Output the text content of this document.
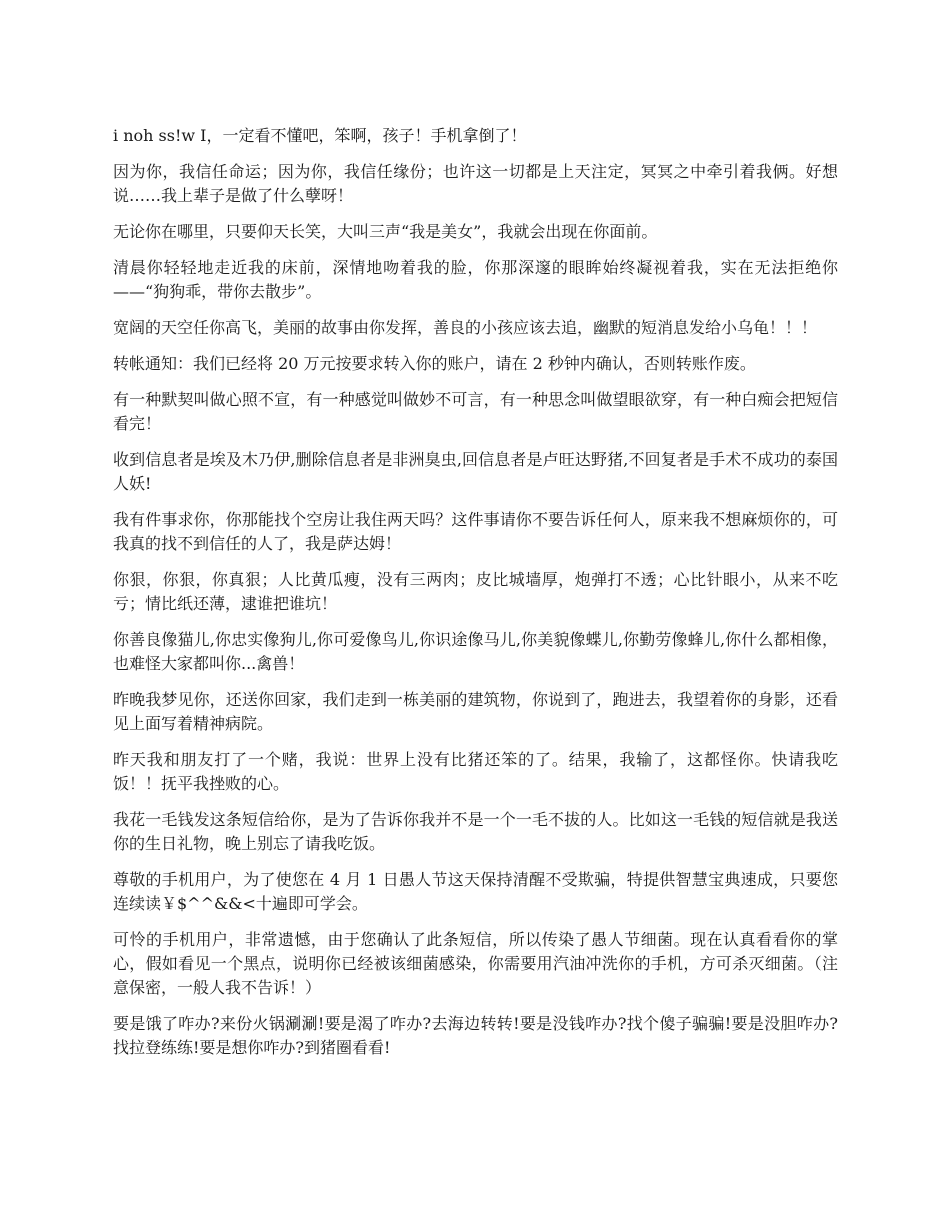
i noh ss!w I，一定看不懂吧，笨啊，孩子！手机拿倒了！

因为你，我信任命运；因为你，我信任缘份；也许这一切都是上天注定，冥冥之中牵引着我俩。好想说……我上辈子是做了什么孽呀！

无论你在哪里，只要仰天长笑，大叫三声“我是美女”，我就会出现在你面前。

清晨你轻轻地走近我的床前，深情地吻着我的脸，你那深邃的眼眸始终凝视着我，实在无法拒绝你——“狗狗乖，带你去散步”。

宽阔的天空任你高飞，美丽的故事由你发挥，善良的小孩应该去追，幽默的短消息发给小乌龟！！！

转帐通知：我们已经将 20 万元按要求转入你的账户，请在 2 秒钟内确认，否则转账作废。

有一种默契叫做心照不宣，有一种感觉叫做妙不可言，有一种思念叫做望眼欲穿，有一种白痴会把短信看完！

收到信息者是埃及木乃伊,删除信息者是非洲臭虫,回信息者是卢旺达野猪,不回复者是手术不成功的泰国人妖!

我有件事求你，你那能找个空房让我住两天吗？这件事请你不要告诉任何人，原来我不想麻烦你的，可我真的找不到信任的人了，我是萨达姆！

你狠，你狠，你真狠；人比黄瓜瘦，没有三两肉；皮比城墙厚，炮弹打不透；心比针眼小，从来不吃亏；情比纸还薄，逮谁把谁坑！

你善良像猫儿,你忠实像狗儿,你可爱像鸟儿,你识途像马儿,你美貌像蝶儿,你勤劳像蜂儿,你什么都相像，也难怪大家都叫你...禽兽！

昨晚我梦见你，还送你回家，我们走到一栋美丽的建筑物，你说到了，跑进去，我望着你的身影，还看见上面写着精神病院。

昨天我和朋友打了一个赌，我说：世界上没有比猪还笨的了。结果，我输了，这都怪你。快请我吃饭！！抚平我挫败的心。

我花一毛钱发这条短信给你，是为了告诉你我并不是一个一毛不拔的人。比如这一毛钱的短信就是我送你的生日礼物，晚上别忘了请我吃饭。

尊敬的手机用户，为了使您在 4 月 1 日愚人节这天保持清醒不受欺骗，特提供智慧宝典速成，只要您连续读￥$^^&&<十遍即可学会。

可怜的手机用户，非常遗憾，由于您确认了此条短信，所以传染了愚人节细菌。现在认真看看你的掌心，假如看见一个黑点，说明你已经被该细菌感染，你需要用汽油冲洗你的手机，方可杀灭细菌。（注意保密，一般人我不告诉！）

要是饿了咋办?来份火锅涮涮!要是渴了咋办?去海边转转!要是没钱咋办?找个傻子骗骗!要是没胆咋办?找拉登练练!要是想你咋办?到猪圈看看!
